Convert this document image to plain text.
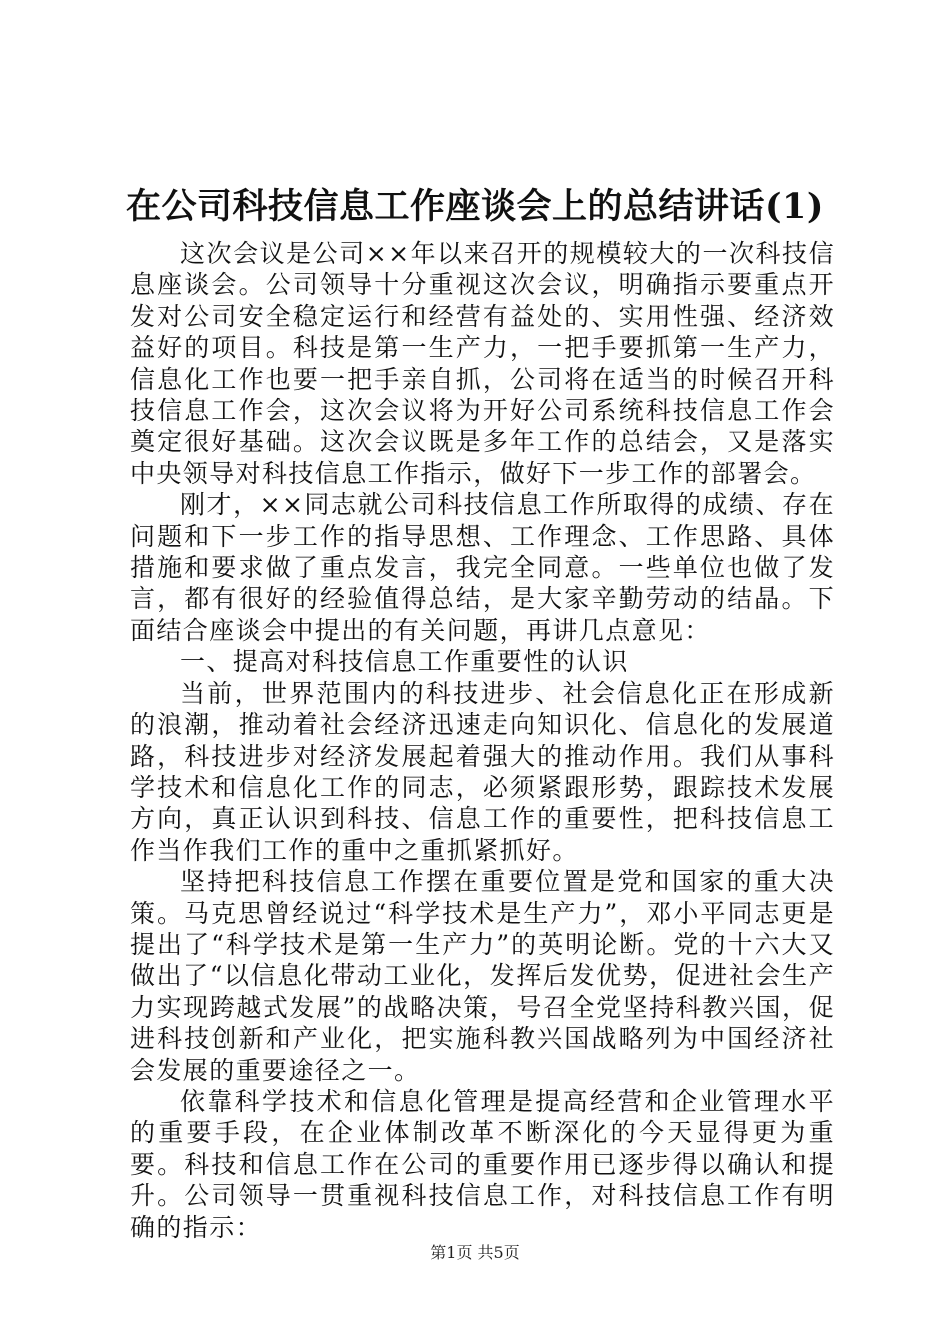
在公司科技信息工作座谈会上的总结讲话(1)

这次会议是公司××年以来召开的规模较大的一次科技信息座谈会。公司领导十分重视这次会议，明确指示要重点开发对公司安全稳定运行和经营有益处的、实用性强、经济效益好的项目。科技是第一生产力，一把手要抓第一生产力，信息化工作也要一把手亲自抓，公司将在适当的时候召开科技信息工作会，这次会议将为开好公司系统科技信息工作会奠定很好基础。这次会议既是多年工作的总结会，又是落实中央领导对科技信息工作指示，做好下一步工作的部署会。

刚才，××同志就公司科技信息工作所取得的成绩、存在问题和下一步工作的指导思想、工作理念、工作思路、具体措施和要求做了重点发言，我完全同意。一些单位也做了发言，都有很好的经验值得总结，是大家辛勤劳动的结晶。下面结合座谈会中提出的有关问题，再讲几点意见：

一、提高对科技信息工作重要性的认识

当前，世界范围内的科技进步、社会信息化正在形成新的浪潮，推动着社会经济迅速走向知识化、信息化的发展道路，科技进步对经济发展起着强大的推动作用。我们从事科学技术和信息化工作的同志，必须紧跟形势，跟踪技术发展方向，真正认识到科技、信息工作的重要性，把科技信息工作当作我们工作的重中之重抓紧抓好。

坚持把科技信息工作摆在重要位置是党和国家的重大决策。马克思曾经说过“科学技术是生产力”，邓小平同志更是提出了“科学技术是第一生产力”的英明论断。党的十六大又做出了“以信息化带动工业化，发挥后发优势，促进社会生产力实现跨越式发展”的战略决策，号召全党坚持科教兴国，促进科技创新和产业化，把实施科教兴国战略列为中国经济社会发展的重要途径之一。

依靠科学技术和信息化管理是提高经营和企业管理水平的重要手段，在企业体制改革不断深化的今天显得更为重要。科技和信息工作在公司的重要作用已逐步得以确认和提升。公司领导一贯重视科技信息工作，对科技信息工作有明确的指示：

第1页 共5页
